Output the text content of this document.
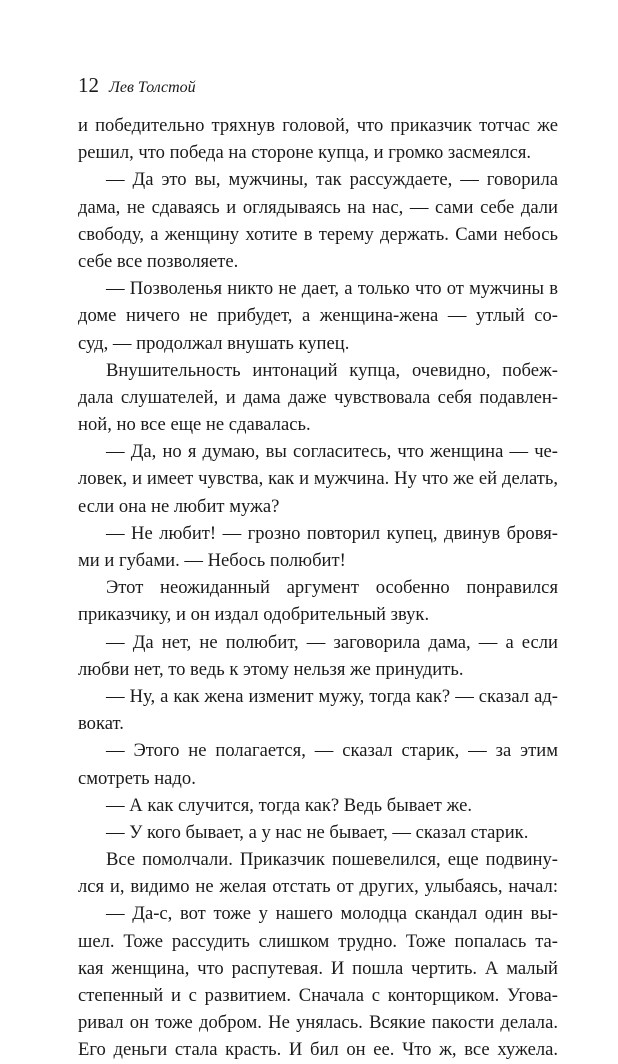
12 Лев Толстой
и победительно тряхнув головой, что приказчик тотчас же
решил, что победа на стороне купца, и громко засмеялся.
— Да это вы, мужчины, так рассуждаете, — говорила
дама, не сдаваясь и оглядываясь на нас, — сами себе дали
свободу, а женщину хотите в терему держать. Сами небось
себе все позволяете.
— Позволенья никто не дает, а только что от мужчины в
доме ничего не прибудет, а женщина-жена — утлый со-
суд, — продолжал внушать купец.
Внушительность интонаций купца, очевидно, побеж-
дала слушателей, и дама даже чувствовала себя подавлен-
ной, но все еще не сдавалась.
— Да, но я думаю, вы согласитесь, что женщина — че-
ловек, и имеет чувства, как и мужчина. Ну что же ей делать,
если она не любит мужа?
— Не любит! — грозно повторил купец, двинув бровя-
ми и губами. — Небось полюбит!
Этот неожиданный аргумент особенно понравился
приказчику, и он издал одобрительный звук.
— Да нет, не полюбит, — заговорила дама, — а если
любви нет, то ведь к этому нельзя же принудить.
— Ну, а как жена изменит мужу, тогда как? — сказал ад-
вокат.
— Этого не полагается, — сказал старик, — за этим
смотреть надо.
— А как случится, тогда как? Ведь бывает же.
— У кого бывает, а у нас не бывает, — сказал старик.
Все помолчали. Приказчик пошевелился, еще подвину-
лся и, видимо не желая отстать от других, улыбаясь, начал:
— Да-с, вот тоже у нашего молодца скандал один вы-
шел. Тоже рассудить слишком трудно. Тоже попалась та-
кая женщина, что распутевая. И пошла чертить. А малый
степенный и с развитием. Сначала с конторщиком. Угова-
ривал он тоже добром. Не унялась. Всякие пакости делала.
Его деньги стала красть. И бил он ее. Что ж, все хужела.
